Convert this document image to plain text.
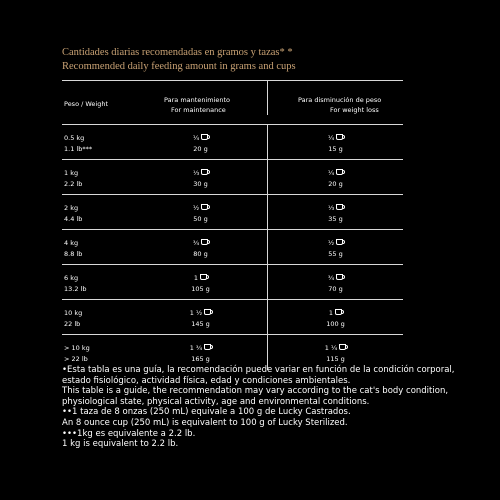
Cantidades diarias recomendadas en gramos y tazas* *
Recommended daily feeding amount in grams and cups
Peso / Weight	Para mantenimiento
For maintenance
Para disminución de peso
For weight loss
0.5 kg
1.1 lb***
¼
20 g
¼
15 g
1 kg
2.2 lb
⅓
30 g
¼
20 g
2 kg
4.4 lb
½
50 g
⅓
35 g
4 kg
8.8 lb
¾
80 g
½
55 g
6 kg
13.2 lb
1
105 g
¾
70 g
10 kg
22 lb
1 ½
145 g
1
100 g
> 10 kg
> 22 lb
1 ¾
165 g
1 ¼
115 g
•Esta tabla es una guía, la recomendación puede variar en función de la condición corporal, estado fisiológico, actividad física, edad y condiciones ambientales.
This table is a guide, the recommendation may vary according to the cat's body condition, physiological state, physical activity, age and environmental conditions.
••1 taza de 8 onzas (250 mL) equivale a 100 g de Lucky Castrados.
An 8 ounce cup (250 mL) is equivalent to 100 g of Lucky Sterilized.
•••1kg es equivalente a 2.2 lb.
1 kg is equivalent to 2.2 lb.
